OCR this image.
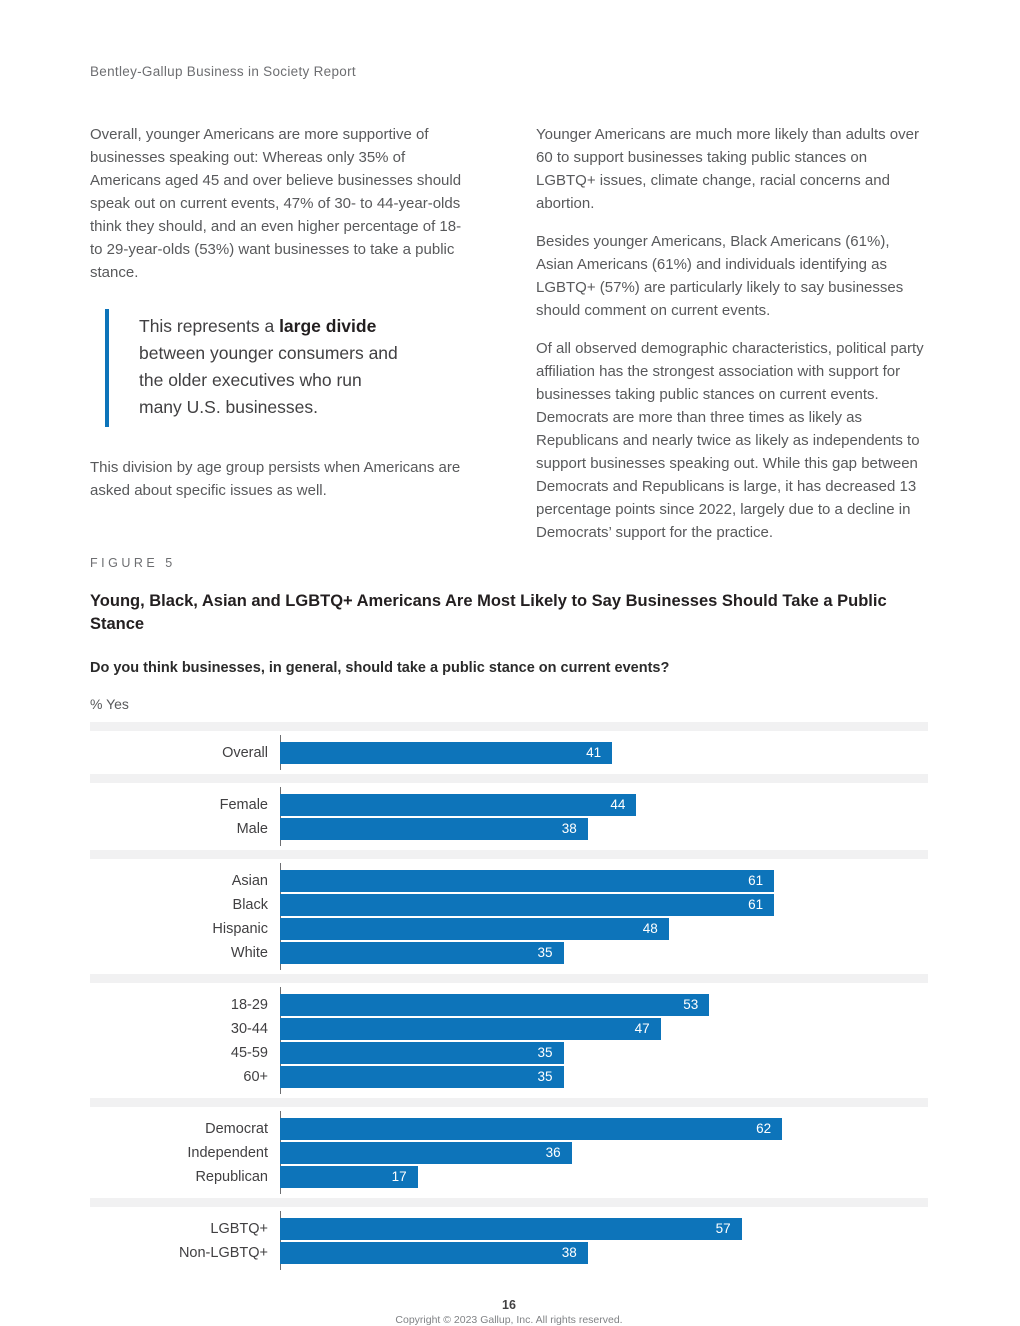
Bentley-Gallup Business in Society Report

Overall, younger Americans are more supportive of businesses speaking out: Whereas only 35% of Americans aged 45 and over believe businesses should speak out on current events, 47% of 30- to 44-year-olds think they should, and an even higher percentage of 18- to 29-year-olds (53%) want businesses to take a public stance.

This represents a large divide between younger consumers and the older executives who run many U.S. businesses.

This division by age group persists when Americans are asked about specific issues as well.

Younger Americans are much more likely than adults over 60 to support businesses taking public stances on LGBTQ+ issues, climate change, racial concerns and abortion.

Besides younger Americans, Black Americans (61%), Asian Americans (61%) and individuals identifying as LGBTQ+ (57%) are particularly likely to say businesses should comment on current events.

Of all observed demographic characteristics, political party affiliation has the strongest association with support for businesses taking public stances on current events. Democrats are more than three times as likely as Republicans and nearly twice as likely as independents to support businesses speaking out. While this gap between Democrats and Republicans is large, it has decreased 13 percentage points since 2022, largely due to a decline in Democrats’ support for the practice.

FIGURE 5
Young, Black, Asian and LGBTQ+ Americans Are Most Likely to Say Businesses Should Take a Public Stance
Do you think businesses, in general, should take a public stance on current events?
% Yes
Overall	41
Female	44
Male	38
Asian	61
Black	61
Hispanic	48
White	35
18-29	53
30-44	47
45-59	35
60+	35
Democrat	62
Independent	36
Republican	17
LGBTQ+	57
Non-LGBTQ+	38
16
Copyright © 2023 Gallup, Inc. All rights reserved.
